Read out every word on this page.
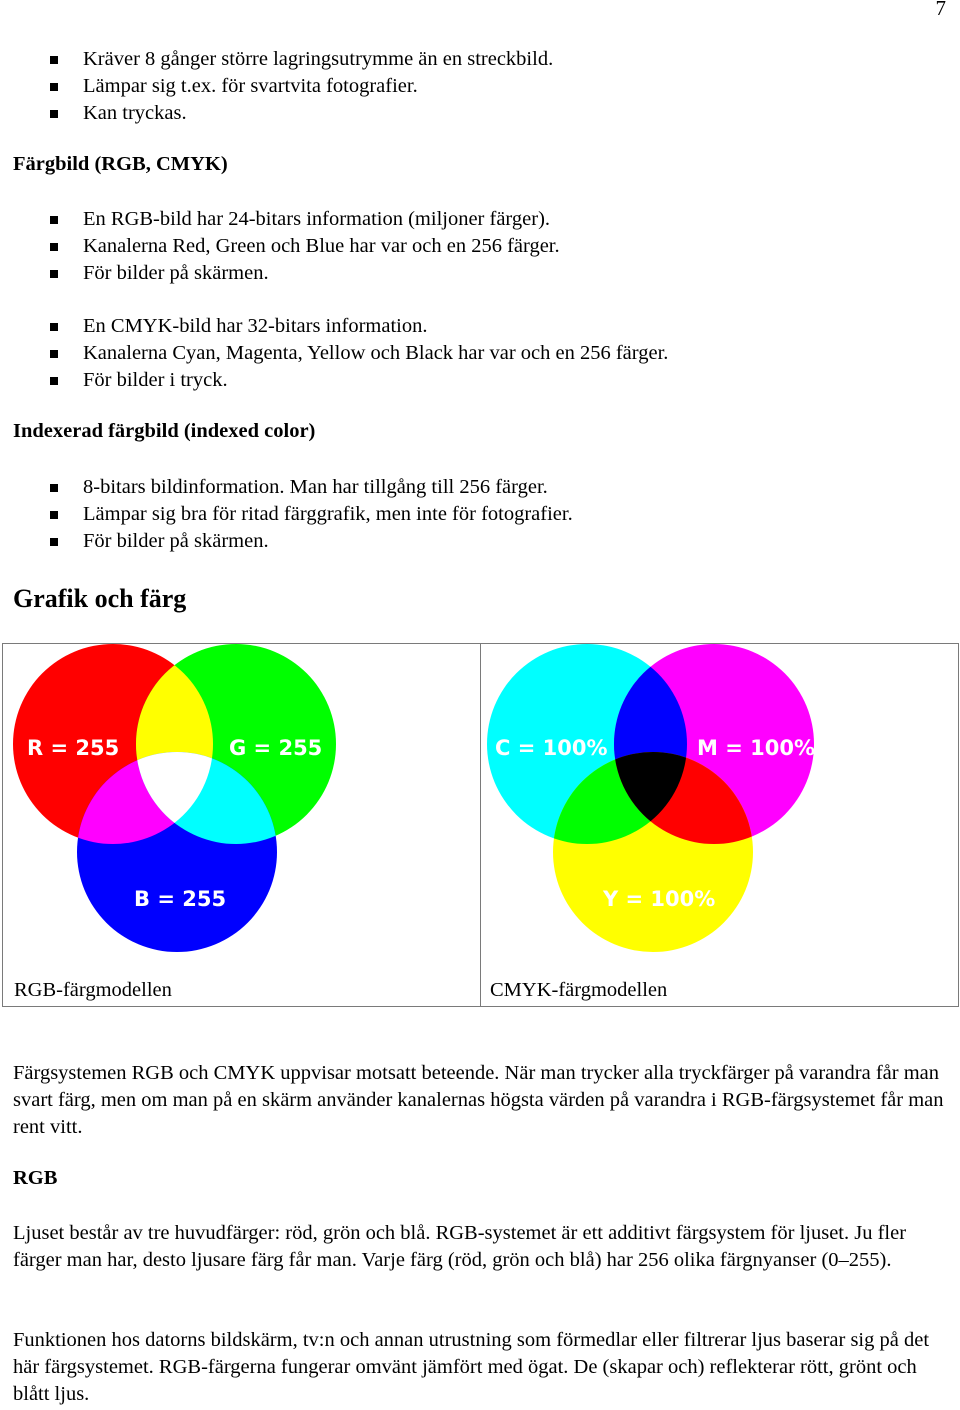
7
Kräver 8 gånger större lagringsutrymme än en streckbild.
Lämpar sig t.ex. för svartvita fotografier.
Kan tryckas.
Färgbild (RGB, CMYK)
En RGB-bild har 24-bitars information (miljoner färger).
Kanalerna Red, Green och Blue har var och en 256 färger.
För bilder på skärmen.
En CMYK-bild har 32-bitars information.
Kanalerna Cyan, Magenta, Yellow och Black har var och en 256 färger.
För bilder i tryck.
Indexerad färgbild (indexed color)
8-bitars bildinformation. Man har tillgång till 256 färger.
Lämpar sig bra för ritad färggrafik, men inte för fotografier.
För bilder på skärmen.
Grafik och färg
R = 255	G = 255
B = 255
RGB-färgmodellen
C = 100%	M = 100%
Y = 100%
CMYK-färgmodellen
Färgsystemen RGB och CMYK uppvisar motsatt beteende. När man trycker alla tryckfärger på varandra får man svart färg, men om man på en skärm använder kanalernas högsta värden på varandra i RGB-färgsystemet får man rent vitt.
RGB
Ljuset består av tre huvudfärger: röd, grön och blå. RGB-systemet är ett additivt färgsystem för ljuset. Ju fler färger man har, desto ljusare färg får man. Varje färg (röd, grön och blå) har 256 olika färgnyanser (0–255).
Funktionen hos datorns bildskärm, tv:n och annan utrustning som förmedlar eller filtrerar ljus baserar sig på det här färgsystemet. RGB-färgerna fungerar omvänt jämfört med ögat. De (skapar och) reflekterar rött, grönt och blått ljus.
